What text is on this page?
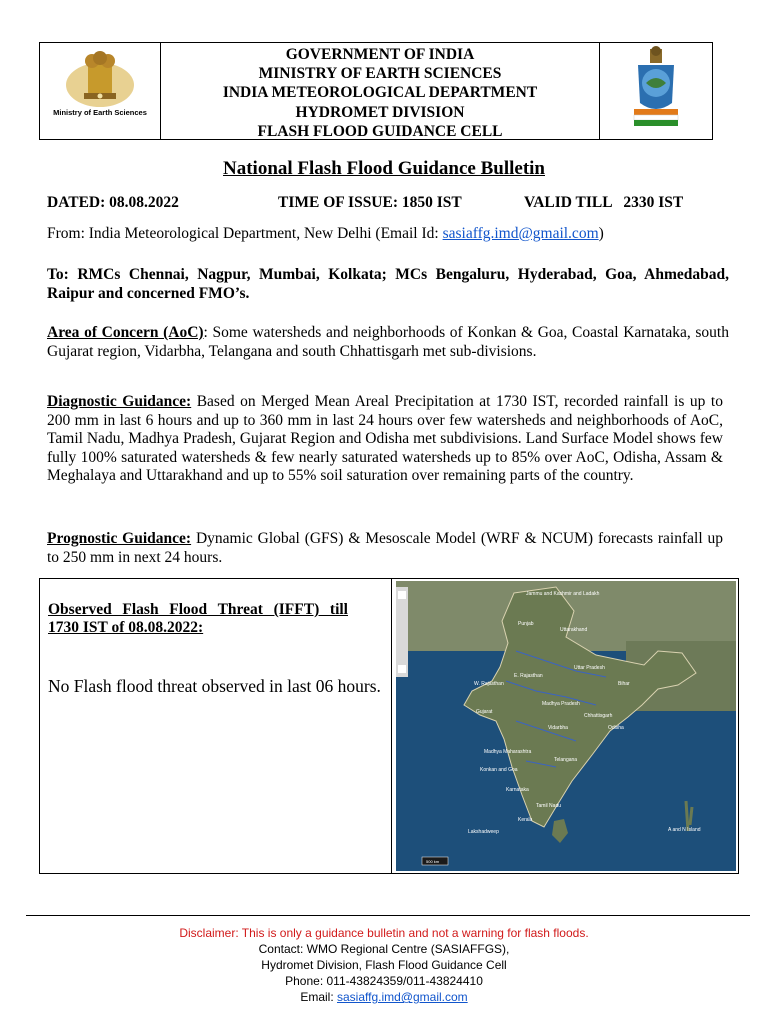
Ministry of Earth Sciences
GOVERNMENT OF INDIA
MINISTRY OF EARTH SCIENCES
INDIA METEOROLOGICAL DEPARTMENT
HYDROMET DIVISION
FLASH FLOOD GUIDANCE CELL
National Flash Flood Guidance Bulletin
DATED: 08.08.2022	TIME OF ISSUE: 1850 IST	VALID TILL   2330 IST
From: India Meteorological Department, New Delhi (Email Id: sasiaffg.imd@gmail.com)
To: RMCs Chennai, Nagpur, Mumbai, Kolkata; MCs Bengaluru, Hyderabad, Goa, Ahmedabad, Raipur and concerned FMO’s.
Area of Concern (AoC): Some watersheds and neighborhoods of Konkan & Goa, Coastal Karnataka, south Gujarat region, Vidarbha, Telangana and south Chhattisgarh met sub-divisions.
Diagnostic Guidance: Based on Merged Mean Areal Precipitation at 1730 IST, recorded rainfall is up to 200 mm in last 6 hours and up to 360 mm in last 24 hours over few watersheds and neighborhoods of AoC, Tamil Nadu, Madhya Pradesh, Gujarat Region and Odisha met subdivisions. Land Surface Model shows few fully 100% saturated watersheds & few nearly saturated watersheds up to 85% over AoC, Odisha, Assam & Meghalaya and Uttarakhand and up to 55% soil saturation over remaining parts of the country.
Prognostic Guidance: Dynamic Global (GFS) & Mesoscale Model (WRF & NCUM) forecasts rainfall up to 250 mm in next 24 hours.
Observed Flash Flood Threat (IFFT) till 1730 IST of 08.08.2022:
No Flash flood threat observed in last 06 hours.
Jammu and Kashmir and Ladakh
Punjab
Uttarakhand
W. Rajasthan
E. Rajasthan
Uttar Pradesh
Bihar
Gujarat
Madhya Pradesh
Vidarbha	Odisha
Chhattisgarh
Madhya Maharashtra
Konkan and Goa
Telangana
Karnataka
Tamil Nadu
Kerala
Lakshadweep	A and N Island
500 km
Disclaimer: This is only a guidance bulletin and not a warning for flash floods.
Contact: WMO Regional Centre (SASIAFFGS),
Hydromet Division, Flash Flood Guidance Cell
Phone: 011-43824359/011-43824410
Email: sasiaffg.imd@gmail.com
